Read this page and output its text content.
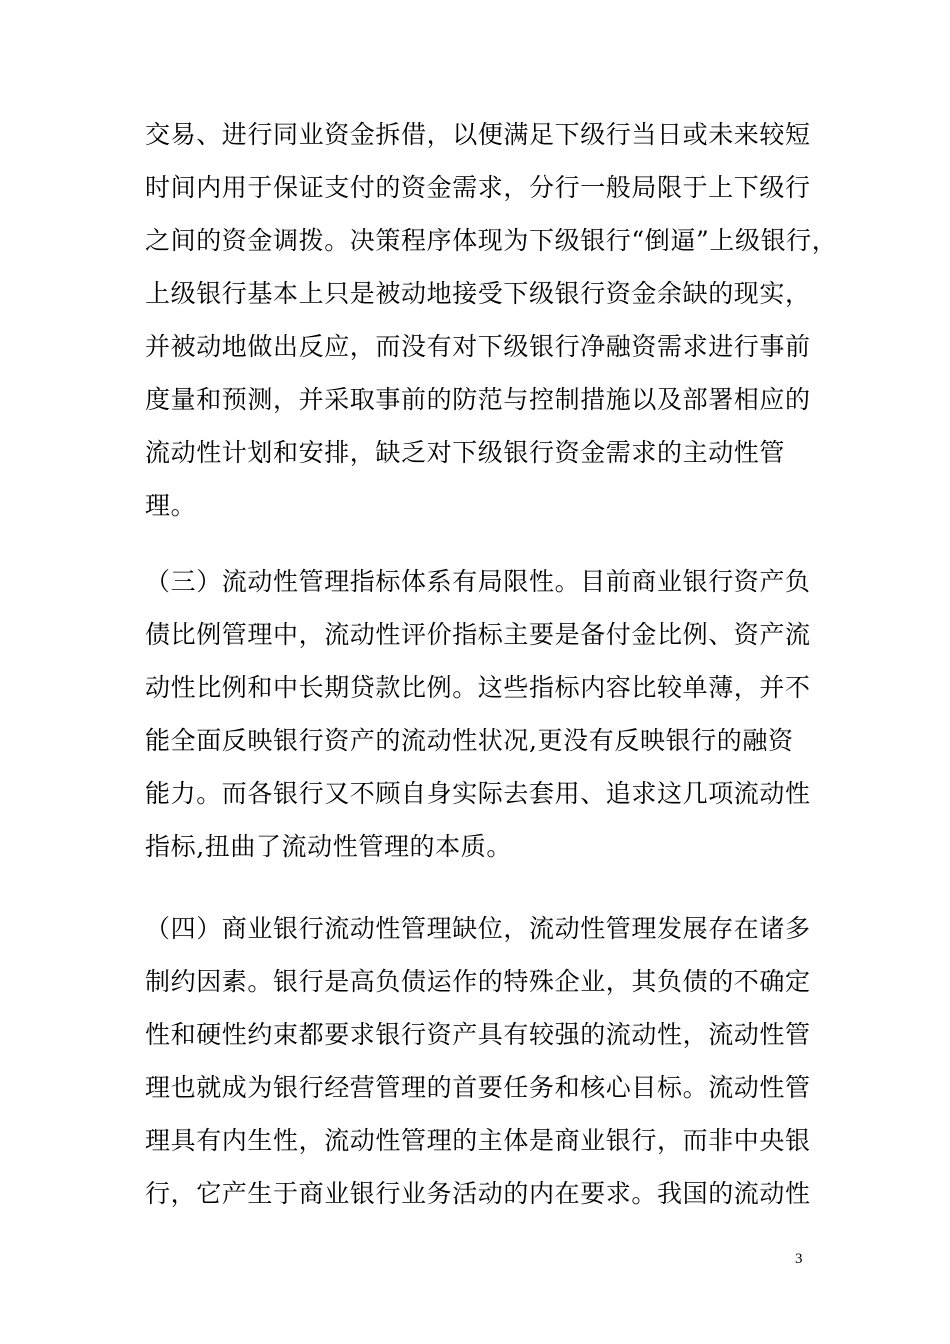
交易、进行同业资金拆借，以便满足下级行当日或未来较短
时间内用于保证支付的资金需求，分行一般局限于上下级行
之间的资金调拨。决策程序体现为下级银行“倒逼”上级银行，
上级银行基本上只是被动地接受下级银行资金余缺的现实，
并被动地做出反应，而没有对下级银行净融资需求进行事前
度量和预测，并采取事前的防范与控制措施以及部署相应的
流动性计划和安排，缺乏对下级银行资金需求的主动性管
理。
（三）流动性管理指标体系有局限性。目前商业银行资产负
债比例管理中，流动性评价指标主要是备付金比例、资产流
动性比例和中长期贷款比例。这些指标内容比较单薄，并不
能全面反映银行资产的流动性状况,更没有反映银行的融资
能力。而各银行又不顾自身实际去套用、追求这几项流动性
指标,扭曲了流动性管理的本质。
（四）商业银行流动性管理缺位，流动性管理发展存在诸多
制约因素。银行是高负债运作的特殊企业，其负债的不确定
性和硬性约束都要求银行资产具有较强的流动性，流动性管
理也就成为银行经营管理的首要任务和核心目标。流动性管
理具有内生性，流动性管理的主体是商业银行，而非中央银
行，它产生于商业银行业务活动的内在要求。我国的流动性
3
